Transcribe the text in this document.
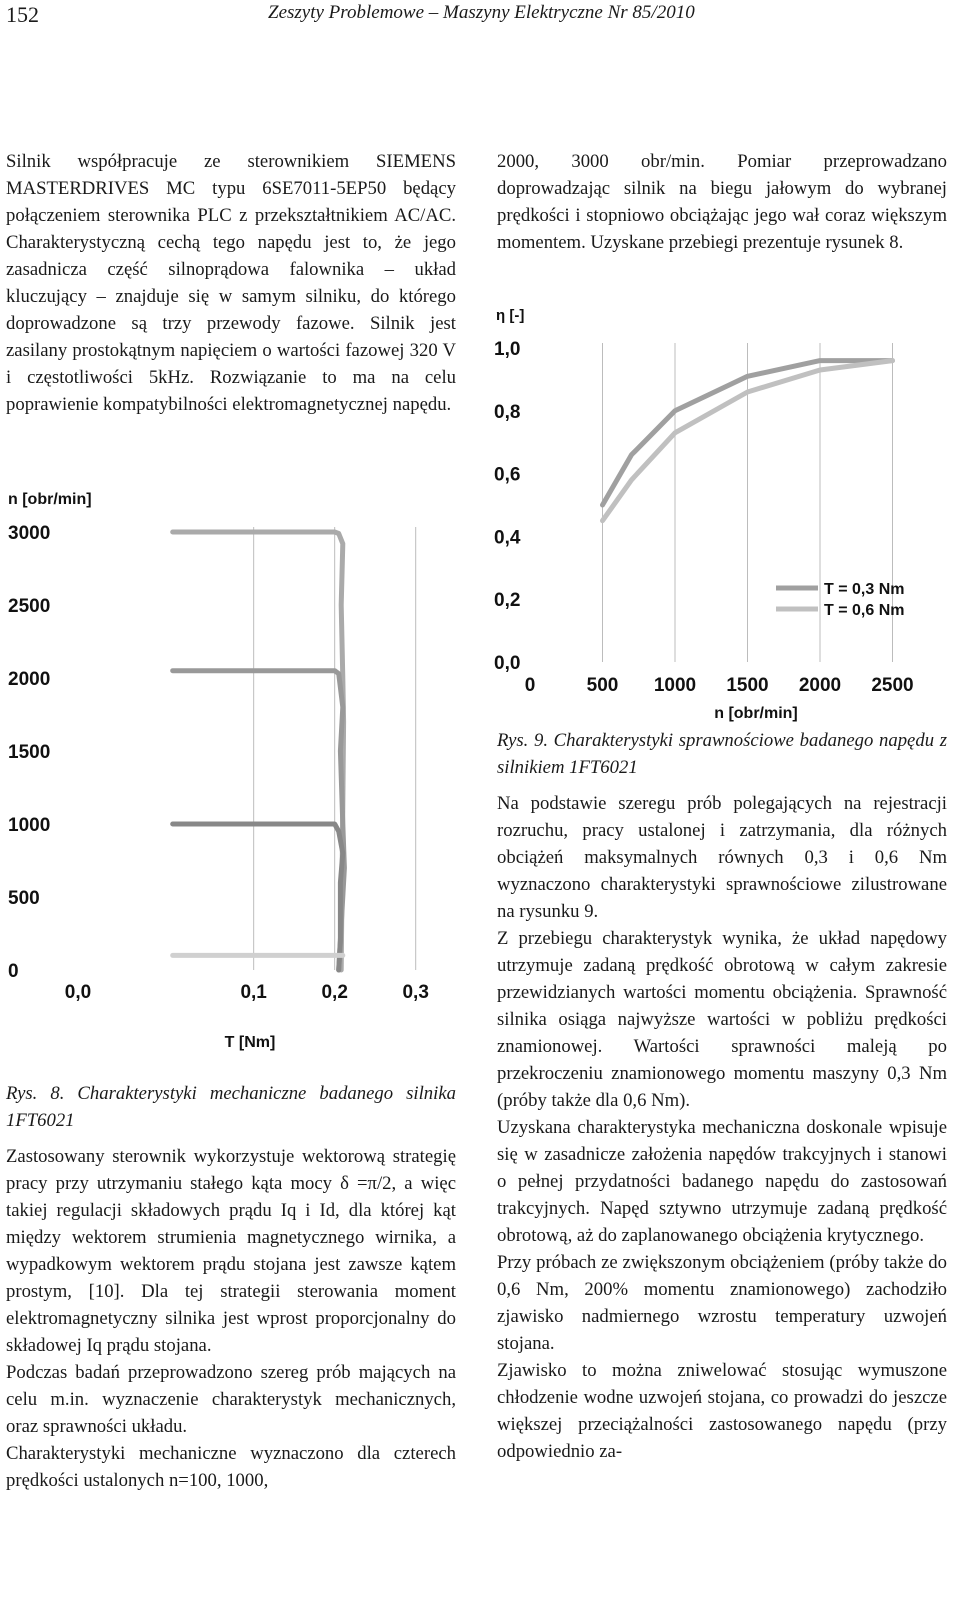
152	Zeszyty Problemowe – Maszyny Elektryczne Nr 85/2010

Silnik współpracuje ze sterownikiem SIEMENS MASTERDRIVES MC typu 6SE7011-5EP50 będący połączeniem sterownika PLC z przekształtnikiem AC/AC. Charakterystyczną cechą tego napędu jest to, że jego zasadnicza część silnoprądowa falownika – układ kluczujący – znajduje się w samym silniku, do którego doprowadzone są trzy przewody fazowe. Silnik jest zasilany prostokątnym napięciem o wartości fazowej 320 V i częstotliwości 5kHz. Rozwiązanie to ma na celu poprawienie kompatybilności elektromagnetycznej napędu.

n [obr/min]
0
500
1000
1500
2000
2500
3000
0,0	0,1	0,2	0,3
T [Nm]
Rys. 8. Charakterystyki mechaniczne badanego silnika 1FT6021

Zastosowany sterownik wykorzystuje wektorową strategię pracy przy utrzymaniu stałego kąta mocy δ =π/2, a więc takiej regulacji składowych prądu Iq i Id, dla której kąt między wektorem strumienia magnetycznego wirnika, a wypadkowym wektorem prądu stojana jest zawsze kątem prostym, [10]. Dla tej strategii sterowania moment elektromagnetyczny silnika jest wprost proporcjonalny do składowej Iq prądu stojana.

Podczas badań przeprowadzono szereg prób mających na celu m.in. wyznaczenie charakterystyk mechanicznych, oraz sprawności układu.

Charakterystyki mechaniczne wyznaczono dla czterech prędkości ustalonych n=100, 1000,

2000, 3000 obr/min. Pomiar przeprowadzano doprowadzając silnik na biegu jałowym do wybranej prędkości i stopniowo obciążając jego wał coraz większym momentem. Uzyskane przebiegi prezentuje rysunek 8.

η [-]
0,0
0,2
0,4
0,6
0,8
1,0
0	500 1000 1500 2000 2500
T = 0,3 Nm
T = 0,6 Nm
n [obr/min]
Rys. 9. Charakterystyki sprawnościowe badanego napędu z silnikiem 1FT6021

Na podstawie szeregu prób polegających na rejestracji rozruchu, pracy ustalonej i zatrzymania, dla różnych obciążeń maksymalnych równych 0,3 i 0,6 Nm wyznaczono charakterystyki sprawnościowe zilustrowane na rysunku 9.

Z przebiegu charakterystyk wynika, że układ napędowy utrzymuje zadaną prędkość obrotową w całym zakresie przewidzianych wartości momentu obciążenia. Sprawność silnika osiąga najwyższe wartości w pobliżu prędkości znamionowej. Wartości sprawności maleją po przekroczeniu znamionowego momentu maszyny 0,3 Nm (próby także dla 0,6 Nm).

Uzyskana charakterystyka mechaniczna doskonale wpisuje się w zasadnicze założenia napędów trakcyjnych i stanowi o pełnej przydatności badanego napędu do zastosowań trakcyjnych. Napęd sztywno utrzymuje zadaną prędkość obrotową, aż do zaplanowanego obciążenia krytycznego.

Przy próbach ze zwiększonym obciążeniem (próby także do 0,6 Nm, 200% momentu znamionowego) zachodziło zjawisko nadmiernego wzrostu temperatury uzwojeń stojana.

Zjawisko to można zniwelować stosując wymuszone chłodzenie wodne uzwojeń stojana, co prowadzi do jeszcze większej przeciążalności zastosowanego napędu (przy odpowiednio za-
